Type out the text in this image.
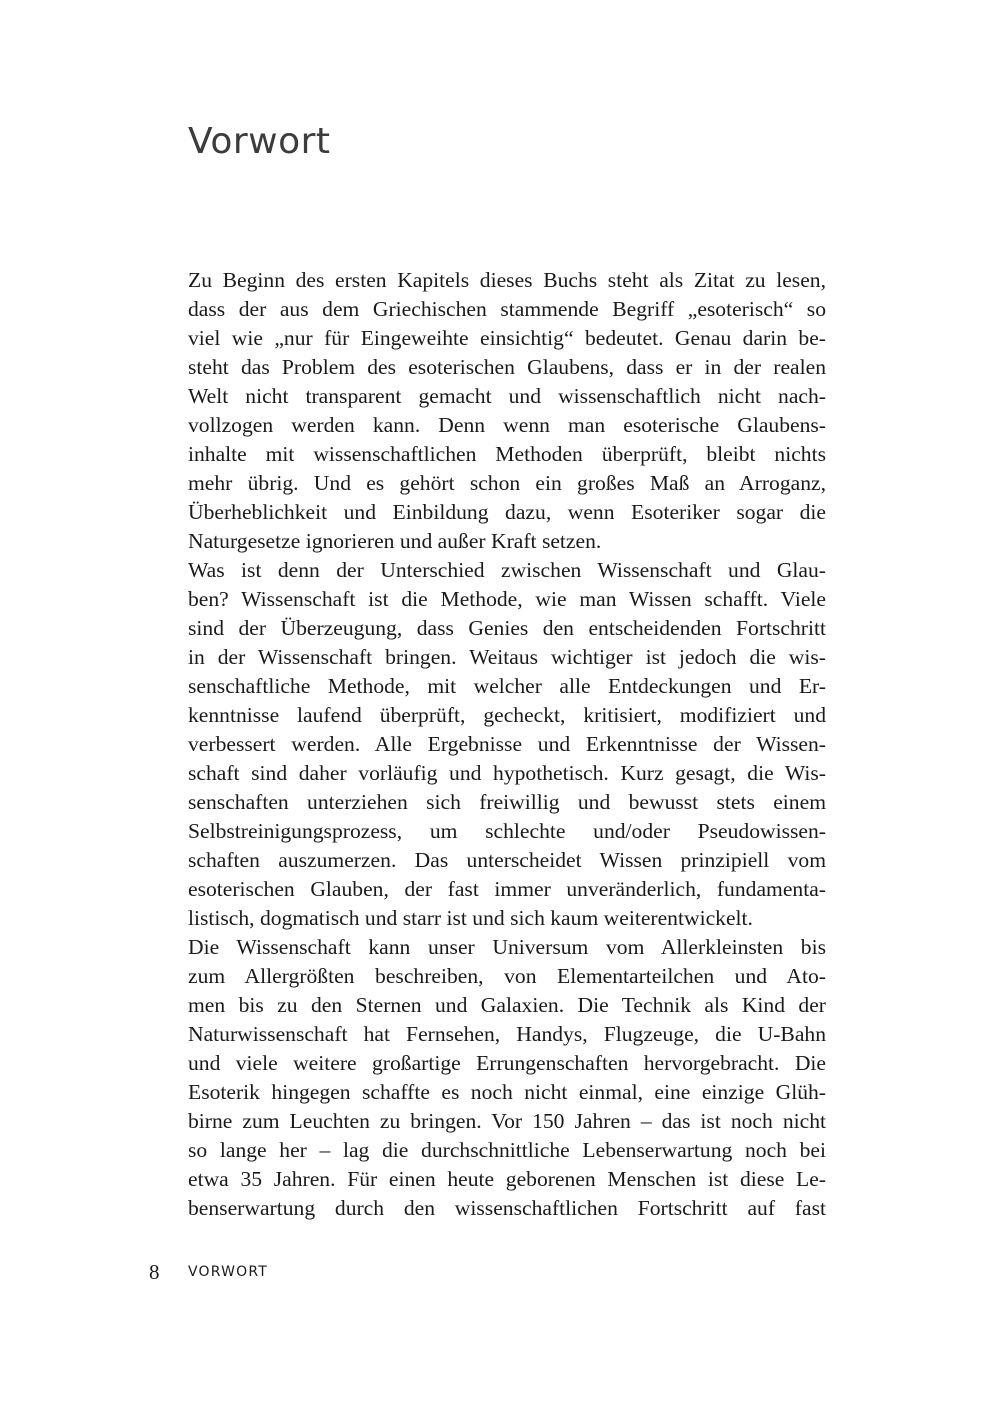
Vorwort
Zu Beginn des ersten Kapitels dieses Buchs steht als Zitat zu lesen,
dass der aus dem Griechischen stammende Begriff „esoterisch“ so
viel wie „nur für Eingeweihte einsichtig“ bedeutet. Genau darin be-
steht das Problem des esoterischen Glaubens, dass er in der realen
Welt nicht transparent gemacht und wissenschaftlich nicht nach-
vollzogen werden kann. Denn wenn man esoterische Glaubens-
inhalte mit wissenschaftlichen Methoden überprüft, bleibt nichts
mehr übrig. Und es gehört schon ein großes Maß an Arroganz,
Überheblichkeit und Einbildung dazu, wenn Esoteriker sogar die
Naturgesetze ignorieren und außer Kraft setzen.
Was ist denn der Unterschied zwischen Wissenschaft und Glau-
ben? Wissenschaft ist die Methode, wie man Wissen schafft. Viele
sind der Überzeugung, dass Genies den entscheidenden Fortschritt
in der Wissenschaft bringen. Weitaus wichtiger ist jedoch die wis-
senschaftliche Methode, mit welcher alle Entdeckungen und Er-
kenntnisse laufend überprüft, gecheckt, kritisiert, modifiziert und
verbessert werden. Alle Ergebnisse und Erkenntnisse der Wissen-
schaft sind daher vorläufig und hypothetisch. Kurz gesagt, die Wis-
senschaften unterziehen sich freiwillig und bewusst stets einem
Selbstreinigungsprozess, um schlechte und/oder Pseudowissen-
schaften auszumerzen. Das unterscheidet Wissen prinzipiell vom
esoterischen Glauben, der fast immer unveränderlich, fundamenta-
listisch, dogmatisch und starr ist und sich kaum weiterentwickelt.
Die Wissenschaft kann unser Universum vom Allerkleinsten bis
zum Allergrößten beschreiben, von Elementarteilchen und Ato-
men bis zu den Sternen und Galaxien. Die Technik als Kind der
Naturwissenschaft hat Fernsehen, Handys, Flugzeuge, die U-Bahn
und viele weitere großartige Errungenschaften hervorgebracht. Die
Esoterik hingegen schaffte es noch nicht einmal, eine einzige Glüh-
birne zum Leuchten zu bringen. Vor 150 Jahren – das ist noch nicht
so lange her – lag die durchschnittliche Lebenserwartung noch bei
etwa 35 Jahren. Für einen heute geborenen Menschen ist diese Le-
benserwartung durch den wissenschaftlichen Fortschritt auf fast
8 VORWORT
